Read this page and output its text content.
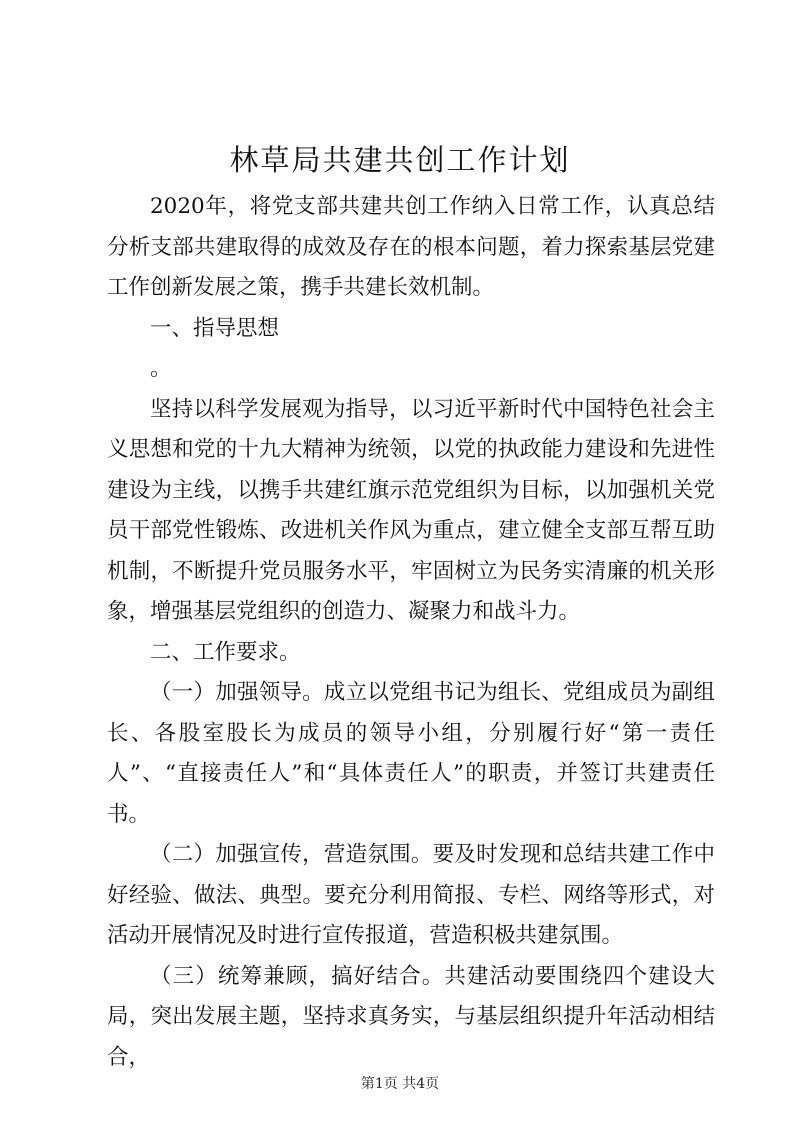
林草局共建共创工作计划

2020年，将党支部共建共创工作纳入日常工作，认真总结分析支部共建取得的成效及存在的根本问题，着力探索基层党建工作创新发展之策，携手共建长效机制。

一、指导思想

。

坚持以科学发展观为指导，以习近平新时代中国特色社会主义思想和党的十九大精神为统领，以党的执政能力建设和先进性建设为主线，以携手共建红旗示范党组织为目标，以加强机关党员干部党性锻炼、改进机关作风为重点，建立健全支部互帮互助机制，不断提升党员服务水平，牢固树立为民务实清廉的机关形象，增强基层党组织的创造力、凝聚力和战斗力。

二、工作要求。

（一）加强领导。成立以党组书记为组长、党组成员为副组长、各股室股长为成员的领导小组，分别履行好“第一责任人”、“直接责任人”和“具体责任人”的职责，并签订共建责任书。

（二）加强宣传，营造氛围。要及时发现和总结共建工作中好经验、做法、典型。要充分利用简报、专栏、网络等形式，对活动开展情况及时进行宣传报道，营造积极共建氛围。

（三）统筹兼顾，搞好结合。共建活动要围绕四个建设大局，突出发展主题，坚持求真务实，与基层组织提升年活动相结合，

第1页 共4页
